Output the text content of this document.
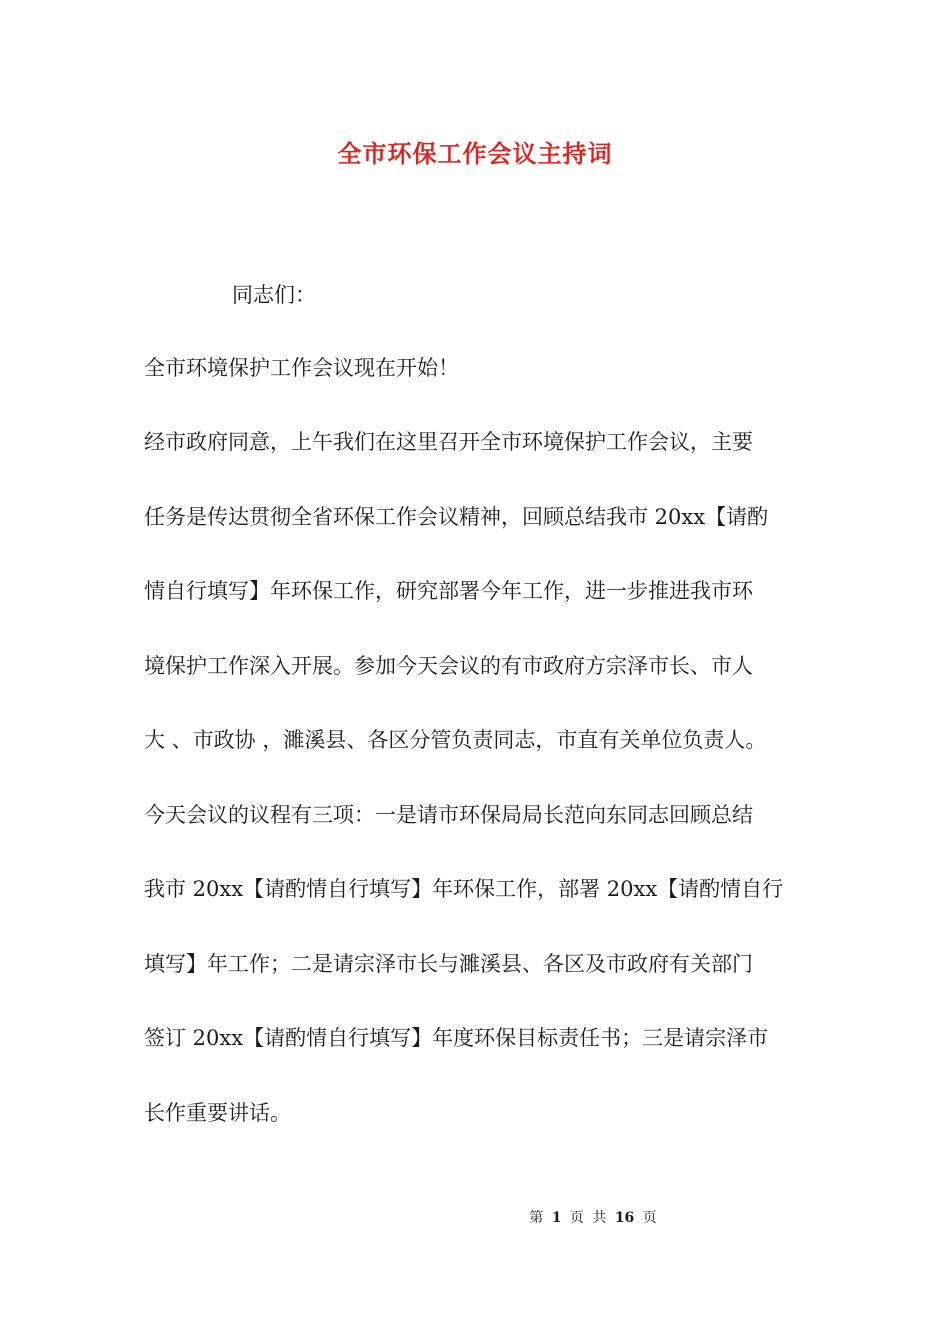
全市环保工作会议主持词
同志们：
全市环境保护工作会议现在开始！
经市政府同意，上午我们在这里召开全市环境保护工作会议，主要
任务是传达贯彻全省环保工作会议精神，回顾总结我市 20xx【请酌
情自行填写】年环保工作，研究部署今年工作，进一步推进我市环
境保护工作深入开展。参加今天会议的有市政府方宗泽市长、市人
大 、市政协 ，濉溪县、各区分管负责同志，市直有关单位负责人。
今天会议的议程有三项：一是请市环保局局长范向东同志回顾总结
我市 20xx【请酌情自行填写】年环保工作，部署 20xx【请酌情自行
填写】年工作；二是请宗泽市长与濉溪县、各区及市政府有关部门
签订 20xx【请酌情自行填写】年度环保目标责任书；三是请宗泽市
长作重要讲话。
第 1 页 共 16 页
